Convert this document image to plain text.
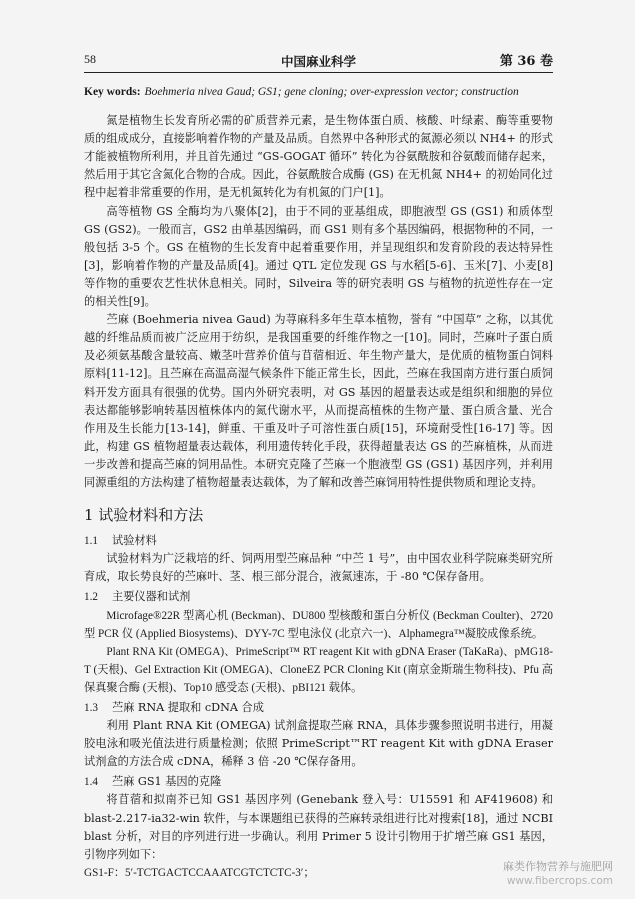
58	中国麻业科学	第 36 卷

Key words: Boehmeria nivea Gaud; GS1; gene cloning; over-expression vector; construction

氮是植物生长发育所必需的矿质营养元素，是生物体蛋白质、核酸、叶绿素、酶等重要物质的组成成分，直接影响着作物的产量及品质。自然界中各种形式的氮源必须以 NH4+ 的形式才能被植物所利用，并且首先通过 “GS-GOGAT 循环” 转化为谷氨酰胺和谷氨酸而储存起来，然后用于其它含氮化合物的合成。因此，谷氨酰胺合成酶 (GS) 在无机氮 NH4+ 的初始同化过程中起着非常重要的作用，是无机氮转化为有机氮的门户[1]。

高等植物 GS 全酶均为八聚体[2]，由于不同的亚基组成，即胞液型 GS (GS1) 和质体型 GS (GS2)。一般而言，GS2 由单基因编码，而 GS1 则有多个基因编码，根据物种的不同，一般包括 3-5 个。GS 在植物的生长发育中起着重要作用，并呈现组织和发育阶段的表达特异性[3]，影响着作物的产量及品质[4]。通过 QTL 定位发现 GS 与水稻[5-6]、玉米[7]、小麦[8] 等作物的重要农艺性状休息相关。同时，Silveira 等的研究表明 GS 与植物的抗逆性存在一定的相关性[9]。

苎麻 (Boehmeria nivea Gaud) 为荨麻科多年生草本植物，誉有 “中国草” 之称，以其优越的纤维品质而被广泛应用于纺织，是我国重要的纤维作物之一[10]。同时，苎麻叶子蛋白质及必须氨基酸含量较高、嫩茎叶营养价值与苜蓿相近、年生物产量大，是优质的植物蛋白饲料原料[11-12]。且苎麻在高温高湿气候条件下能正常生长，因此，苎麻在我国南方进行蛋白质饲料开发方面具有很强的优势。国内外研究表明，对 GS 基因的超量表达或是组织和细胞的异位表达都能够影响转基因植株体内的氮代谢水平，从而提高植株的生物产量、蛋白质含量、光合作用及生长能力[13-14]，鲜重、干重及叶子可溶性蛋白质[15]，环境耐受性[16-17] 等。因此，构建 GS 植物超量表达载体，利用遗传转化手段，获得超量表达 GS 的苎麻植株，从而进一步改善和提高苎麻的饲用品性。本研究克隆了苎麻一个胞液型 GS (GS1) 基因序列，并利用同源重组的方法构建了植物超量表达载体，为了解和改善苎麻饲用特性提供物质和理论支持。

1 试验材料和方法

1.1 试验材料

试验材料为广泛栽培的纤、饲两用型苎麻品种 “中苎 1 号”，由中国农业科学院麻类研究所育成，取长势良好的苎麻叶、茎、根三部分混合，液氮速冻，于 -80 ℃保存备用。

1.2 主要仪器和试剂

Microfage®22R 型离心机 (Beckman)、DU800 型核酸和蛋白分析仪 (Beckman Coulter)、2720 型 PCR 仪 (Applied Biosystems)、DYY-7C 型电泳仪 (北京六一)、Alphamegra™凝胶成像系统。

Plant RNA Kit (OMEGA)、PrimeScript™ RT reagent Kit with gDNA Eraser (TaKaRa)、pMG18-T (天根)、Gel Extraction Kit (OMEGA)、CloneEZ PCR Cloning Kit (南京金斯瑞生物科技)、Pfu 高保真聚合酶 (天根)、Top10 感受态 (天根)、pBI121 载体。

1.3 苎麻 RNA 提取和 cDNA 合成

利用 Plant RNA Kit (OMEGA) 试剂盒提取苎麻 RNA，具体步骤参照说明书进行，用凝胶电泳和吸光值法进行质量检测；依照 PrimeScript™RT reagent Kit with gDNA Eraser 试剂盒的方法合成 cDNA，稀释 3 倍 -20 ℃保存备用。

1.4 苎麻 GS1 基因的克隆

将苜蓿和拟南芥已知 GS1 基因序列 (Genebank 登入号：U15591 和 AF419608) 和 blast-2.217-ia32-win 软件，与本课题组已获得的苎麻转录组进行比对搜索[18]，通过 NCBI blast 分析，对目的序列进行进一步确认。利用 Primer 5 设计引物用于扩增苎麻 GS1 基因，引物序列如下：

GS1-F：5′-TCTGACTCCAAATCGTCTCTC-3′；	麻类作物营养与施肥网
www.fibercrops.com
